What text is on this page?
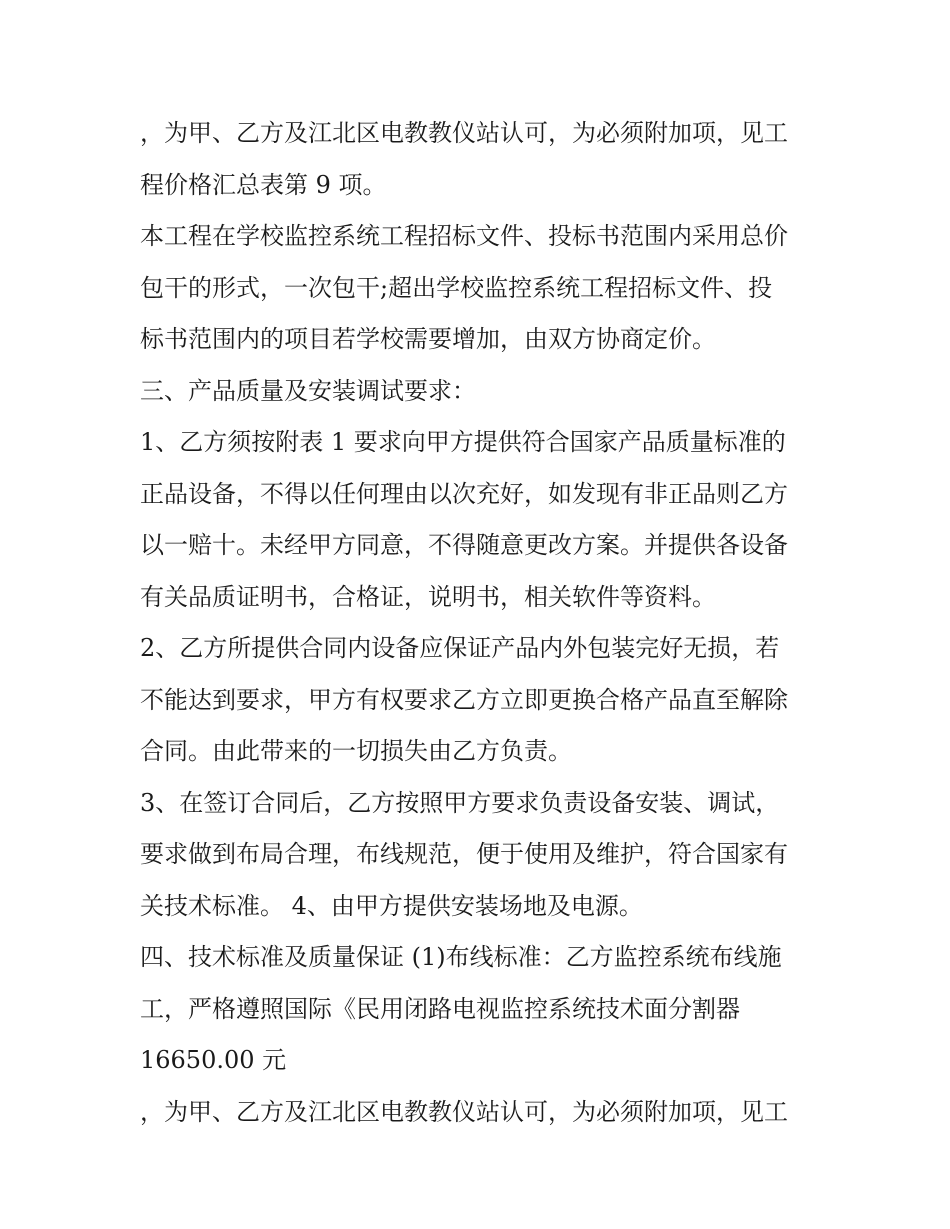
，为甲、乙方及江北区电教教仪站认可，为必须附加项，见工
程价格汇总表第 9 项。
本工程在学校监控系统工程招标文件、投标书范围内采用总价
包干的形式，一次包干;超出学校监控系统工程招标文件、投
标书范围内的项目若学校需要增加，由双方协商定价。
三、产品质量及安装调试要求：
1、乙方须按附表 1 要求向甲方提供符合国家产品质量标准的
正品设备，不得以任何理由以次充好，如发现有非正品则乙方
以一赔十。未经甲方同意，不得随意更改方案。并提供各设备
有关品质证明书，合格证，说明书，相关软件等资料。
2、乙方所提供合同内设备应保证产品内外包装完好无损，若
不能达到要求，甲方有权要求乙方立即更换合格产品直至解除
合同。由此带来的一切损失由乙方负责。
3、在签订合同后，乙方按照甲方要求负责设备安装、调试，
要求做到布局合理，布线规范，便于使用及维护，符合国家有
关技术标准。 4、由甲方提供安装场地及电源。
四、技术标准及质量保证 (1)布线标准：乙方监控系统布线施
工，严格遵照国际《民用闭路电视监控系统技术面分割器
16650.00 元
，为甲、乙方及江北区电教教仪站认可，为必须附加项，见工
